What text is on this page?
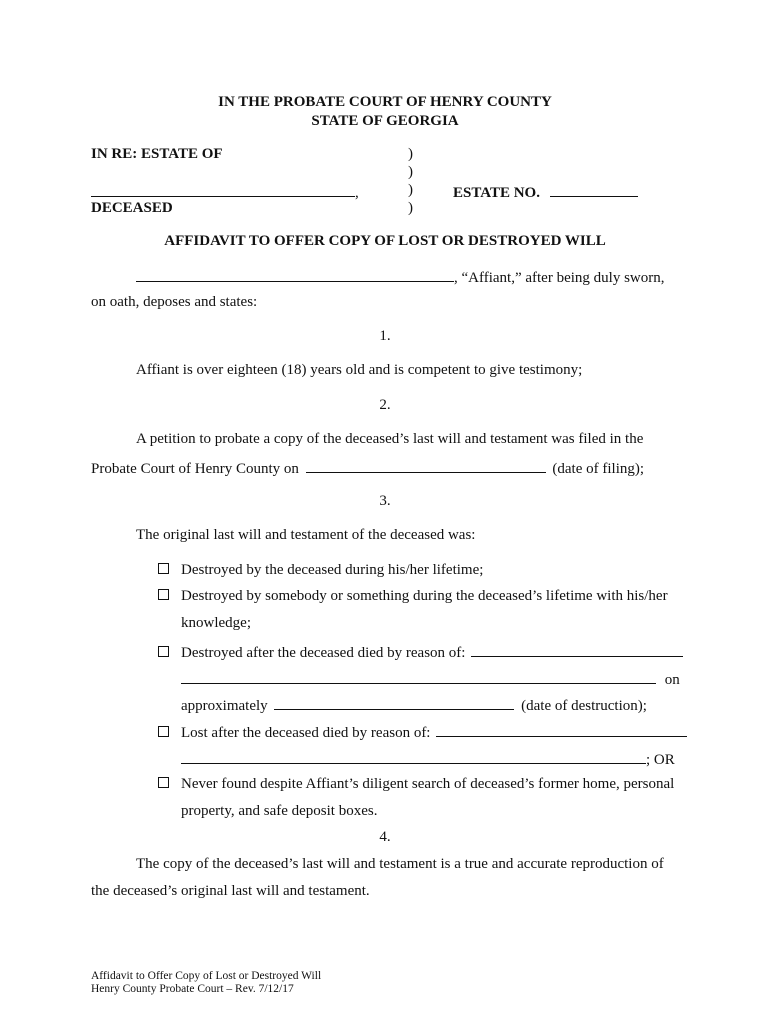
IN THE PROBATE COURT OF HENRY COUNTY
STATE OF GEORGIA
IN RE: ESTATE OF	)
)
)
)
,
DECEASED
ESTATE NO.
AFFIDAVIT TO OFFER COPY OF LOST OR DESTROYED WILL
, “Affiant,” after being duly sworn,
on oath, deposes and states:
1.
Affiant is over eighteen (18) years old and is competent to give testimony;
2.
A petition to probate a copy of the deceased’s last will and testament was filed in the
Probate Court of Henry County on	(date of filing);
3.
The original last will and testament of the deceased was:
Destroyed by the deceased during his/her lifetime;
Destroyed by somebody or something during the deceased’s lifetime with his/her
knowledge;
Destroyed after the deceased died by reason of:
on
approximately	(date of destruction);
Lost after the deceased died by reason of:
; OR
Never found despite Affiant’s diligent search of deceased’s former home, personal
property, and safe deposit boxes.
4.
The copy of the deceased’s last will and testament is a true and accurate reproduction of
the deceased’s original last will and testament.
Affidavit to Offer Copy of Lost or Destroyed Will
Henry County Probate Court – Rev. 7/12/17
